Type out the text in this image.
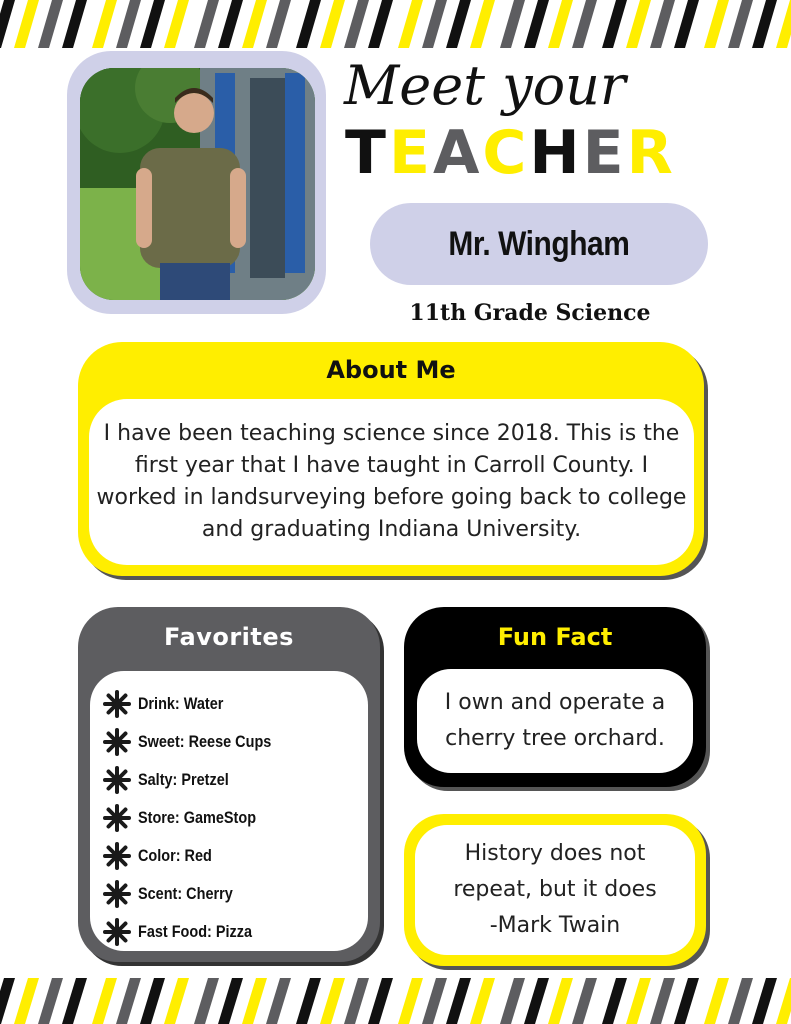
Meet your
TEACHER
Mr. Wingham
11th Grade Science
About Me

I have been teaching science since 2018. This is the first year that I have taught in Carroll County. I worked in landsurveying before going back to college and graduating Indiana University.

Favorites
Drink: Water
Sweet: Reese Cups
Salty: Pretzel
Store: GameStop
Color: Red
Scent: Cherry
Fast Food: Pizza
Fun Fact

I own and operate a cherry tree orchard.

History does not
repeat, but it does
-Mark Twain
